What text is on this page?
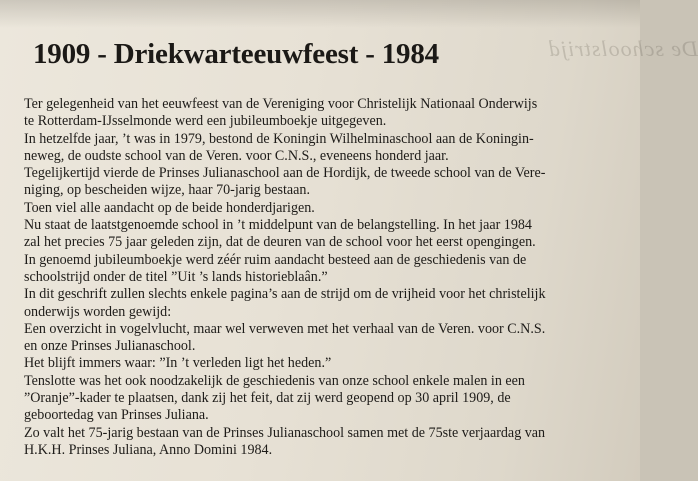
De schoolstrijd
1909 - Driekwarteeuwfeest - 1984
Ter gelegenheid van het eeuwfeest van de Vereniging voor Christelijk Nationaal Onderwijs
te Rotterdam-IJsselmonde werd een jubileumboekje uitgegeven.
In hetzelfde jaar, ’t was in 1979, bestond de Koningin Wilhelminaschool aan de Koningin-
neweg, de oudste school van de Veren. voor C.N.S., eveneens honderd jaar.
Tegelijkertijd vierde de Prinses Julianaschool aan de Hordijk, de tweede school van de Vere-
niging, op bescheiden wijze, haar 70-jarig bestaan.
Toen viel alle aandacht op de beide honderdjarigen.
Nu staat de laatstgenoemde school in ’t middelpunt van de belangstelling. In het jaar 1984
zal het precies 75 jaar geleden zijn, dat de deuren van de school voor het eerst opengingen.
In genoemd jubileumboekje werd zéér ruim aandacht besteed aan de geschiedenis van de
schoolstrijd onder de titel ”Uit ’s lands historieblaân.”
In dit geschrift zullen slechts enkele pagina’s aan de strijd om de vrijheid voor het christelijk
onderwijs worden gewijd:
Een overzicht in vogelvlucht, maar wel verweven met het verhaal van de Veren. voor C.N.S.
en onze Prinses Julianaschool.
Het blijft immers waar: ”In ’t verleden ligt het heden.”
Tenslotte was het ook noodzakelijk de geschiedenis van onze school enkele malen in een
”Oranje”-kader te plaatsen, dank zij het feit, dat zij werd geopend op 30 april 1909, de
geboortedag van Prinses Juliana.
Zo valt het 75-jarig bestaan van de Prinses Julianaschool samen met de 75ste verjaardag van
H.K.H. Prinses Juliana, Anno Domini 1984.
